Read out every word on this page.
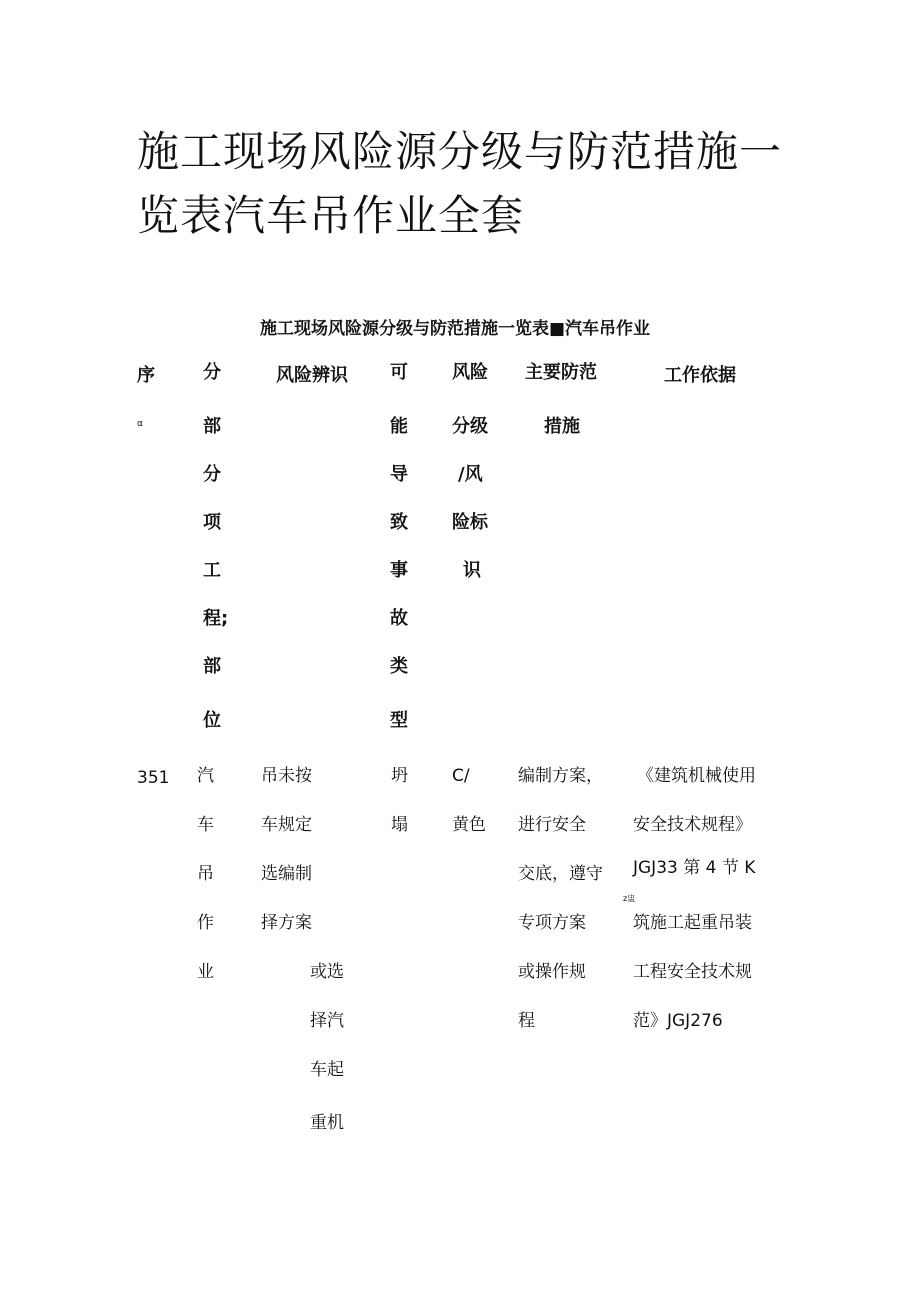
施工现场风险源分级与防范措施一
览表汽车吊作业全套
施工现场风险源分级与防范措施一览表■汽车吊作业
序
α
分
部
分
项
工
程;
部
位
风险辨识 可
能
导
致
事
故
类
型
风险
分级
/风
险标
识
主要防范
措施
工作依据
351 汽
车
吊
作
业
吊未按
车规定
选编制
择方案
或选
择汽
车起
重机
坍
塌
C/
黄色
编制方案，
进行安全
交底，遵守
专项方案
或操作规
程
《建筑机械使用
安全技术规程》
JGJ33 第 4 节 K
筑施工起重吊装
工程安全技术规
范》JGJ276
z盅
